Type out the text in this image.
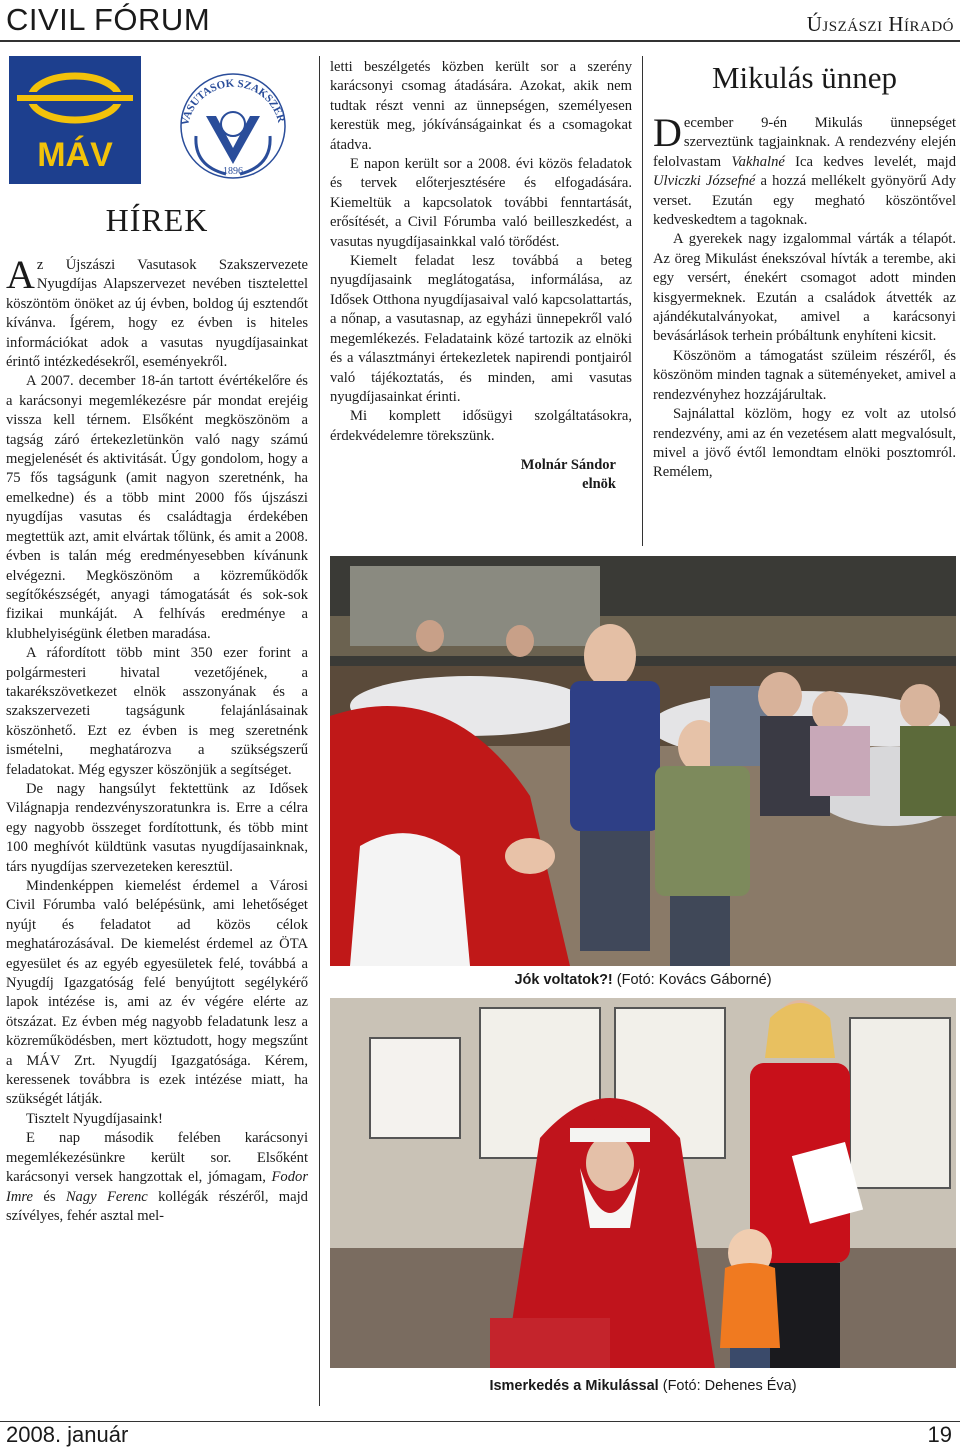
CIVIL FÓRUM	Újszászi Híradó
MÁV
VASUTASOK SZAKSZER
1896
HÍREK

Az Újszászi Vasutasok Szakszervezete Nyugdíjas Alapszervezet nevében tisztelettel köszöntöm önöket az új évben, boldog új esztendőt kívánva. Ígérem, hogy ez évben is hiteles információkat adok a vasutas nyugdíjasainkat érintő intézkedésekről, eseményekről.

A 2007. december 18-án tartott évértékelőre és a karácsonyi megemlékezésre pár mondat erejéig vissza kell térnem. Elsőként megköszönöm a tagság záró értekezletünkön való nagy számú megjelenését és aktivitását. Úgy gondolom, hogy a 75 fős tagságunk (amit nagyon szeretnénk, ha emelkedne) és a több mint 2000 fős újszászi nyugdíjas vasutas és családtagja érdekében megtettük azt, amit elvártak tőlünk, és amit a 2008. évben is talán még eredményesebben kívánunk elvégezni. Megköszönöm a közreműködők segítőkészségét, anyagi támogatását és sok-sok fizikai munkáját. A felhívás eredménye a klubhelyiségünk életben maradása.

A ráfordított több mint 350 ezer forint a polgármesteri hivatal vezetőjének, a takarékszövetkezet elnök asszonyának és a szakszervezeti tagságunk felajánlásainak köszönhető. Ezt ez évben is meg szeretnénk ismételni, meghatározva a szükségszerű feladatokat. Még egyszer köszönjük a segítséget.

De nagy hangsúlyt fektettünk az Idősek Világnapja rendezvényszoratunkra is. Erre a célra egy nagyobb összeget fordítottunk, és több mint 100 meghívót küldtünk vasutas nyugdíjasainknak, társ nyugdíjas szervezeteken keresztül.

Mindenképpen kiemelést érdemel a Városi Civil Fórumba való belépésünk, ami lehetőséget nyújt és feladatot ad közös célok meghatározásával. De kiemelést érdemel az ÖTA egyesület és az egyéb egyesületek felé, továbbá a Nyugdíj Igazgatóság felé benyújtott segélykérő lapok intézése is, ami az év végére elérte az ötszázat. Ez évben még nagyobb feladatunk lesz a közreműködésben, mert köztudott, hogy megszűnt a MÁV Zrt. Nyugdíj Igazgatósága. Kérem, keressenek továbbra is ezek intézése miatt, ha szükségét látják.

Tisztelt Nyugdíjasaink!

E nap második felében karácsonyi megemlékezésünkre került sor. Elsőként karácsonyi versek hangzottak el, jómagam, Fodor Imre és Nagy Ferenc kollégák részéről, majd szívélyes, fehér asztal mel-

letti beszélgetés közben került sor a szerény karácsonyi csomag átadására. Azokat, akik nem tudtak részt venni az ünnepségen, személyesen kerestük meg, jókívánságainkat és a csomagokat átadva.

E napon került sor a 2008. évi közös feladatok és tervek előterjesztésére és elfogadására. Kiemeltük a kapcsolatok további fenntartását, erősítését, a Civil Fórumba való beilleszkedést, a vasutas nyugdíjasainkkal való törődést.

Kiemelt feladat lesz továbbá a beteg nyugdíjasaink meglátogatása, informálása, az Idősek Otthona nyugdíjasaival való kapcsolattartás, a nőnap, a vasutasnap, az egyházi ünnepekről való megemlékezés. Feladataink közé tartozik az elnöki és a választmányi értekezletek napirendi pontjairól való tájékoztatás, és minden, ami vasutas nyugdíjasainkat érinti.

Mi komplett idősügyi szolgáltatásokra, érdekvédelemre törekszünk.

Molnár Sándor
elnök
Mikulás ünnep

December 9-én Mikulás ünnepséget szerveztünk tagjainknak. A rendezvény elején felolvastam Vakhalné Ica kedves levelét, majd Ulviczki Józsefné a hozzá mellékelt gyönyörű Ady verset. Ezután egy megható köszöntővel kedveskedtem a tagoknak.

A gyerekek nagy izgalommal várták a télapót. Az öreg Mikulást énekszóval hívták a terembe, aki egy versért, énekért csomagot adott minden kisgyermeknek. Ezután a családok átvették az ajándékutalványokat, amivel a karácsonyi bevásárlások terhein próbáltunk enyhíteni kicsit.

Köszönöm a támogatást szüleim részéről, és köszönöm minden tagnak a süteményeket, amivel a rendezvényhez hozzájárultak.

Sajnálattal közlöm, hogy ez volt az utolsó rendezvény, ami az én vezetésem alatt megvalósult, mivel a jövő évtől lemondtam elnöki posztomról. Remélem,

Jók voltatok?! (Fotó: Kovács Gáborné)
Ismerkedés a Mikulással (Fotó: Dehenes Éva)
2008. január	19
